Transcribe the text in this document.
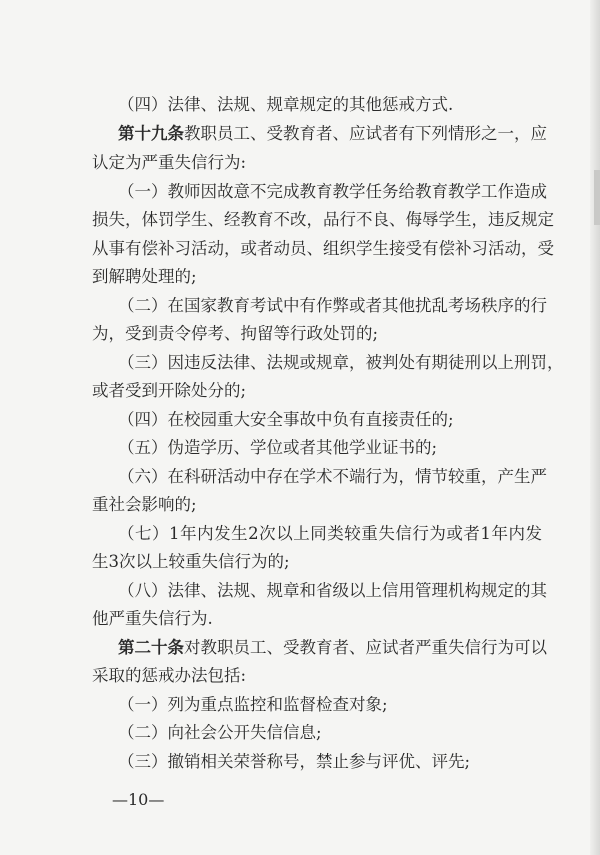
（四）法律、法规、规章规定的其他惩戒方式.
第十九条教职员工、受教育者、应试者有下列情形之一，应
认定为严重失信行为:
（一）教师因故意不完成教育教学任务给教育教学工作造成
损失，体罚学生、经教育不改，品行不良、侮辱学生，违反规定
从事有偿补习活动，或者动员、组织学生接受有偿补习活动，受
到解聘处理的;
（二）在国家教育考试中有作弊或者其他扰乱考场秩序的行
为，受到责令停考、拘留等行政处罚的;
（三）因违反法律、法规或规章，被判处有期徒刑以上刑罚，
或者受到开除处分的;
（四）在校园重大安全事故中负有直接责任的;
（五）伪造学历、学位或者其他学业证书的;
（六）在科研活动中存在学术不端行为，情节较重，产生严
重社会影响的;
（七）1年内发生2次以上同类较重失信行为或者1年内发
生3次以上较重失信行为的;
（八）法律、法规、规章和省级以上信用管理机构规定的其
他严重失信行为.
第二十条对教职员工、受教育者、应试者严重失信行为可以
采取的惩戒办法包括:
（一）列为重点监控和监督检查对象;
（二）向社会公开失信信息;
（三）撤销相关荣誉称号，禁止参与评优、评先;
—10—
